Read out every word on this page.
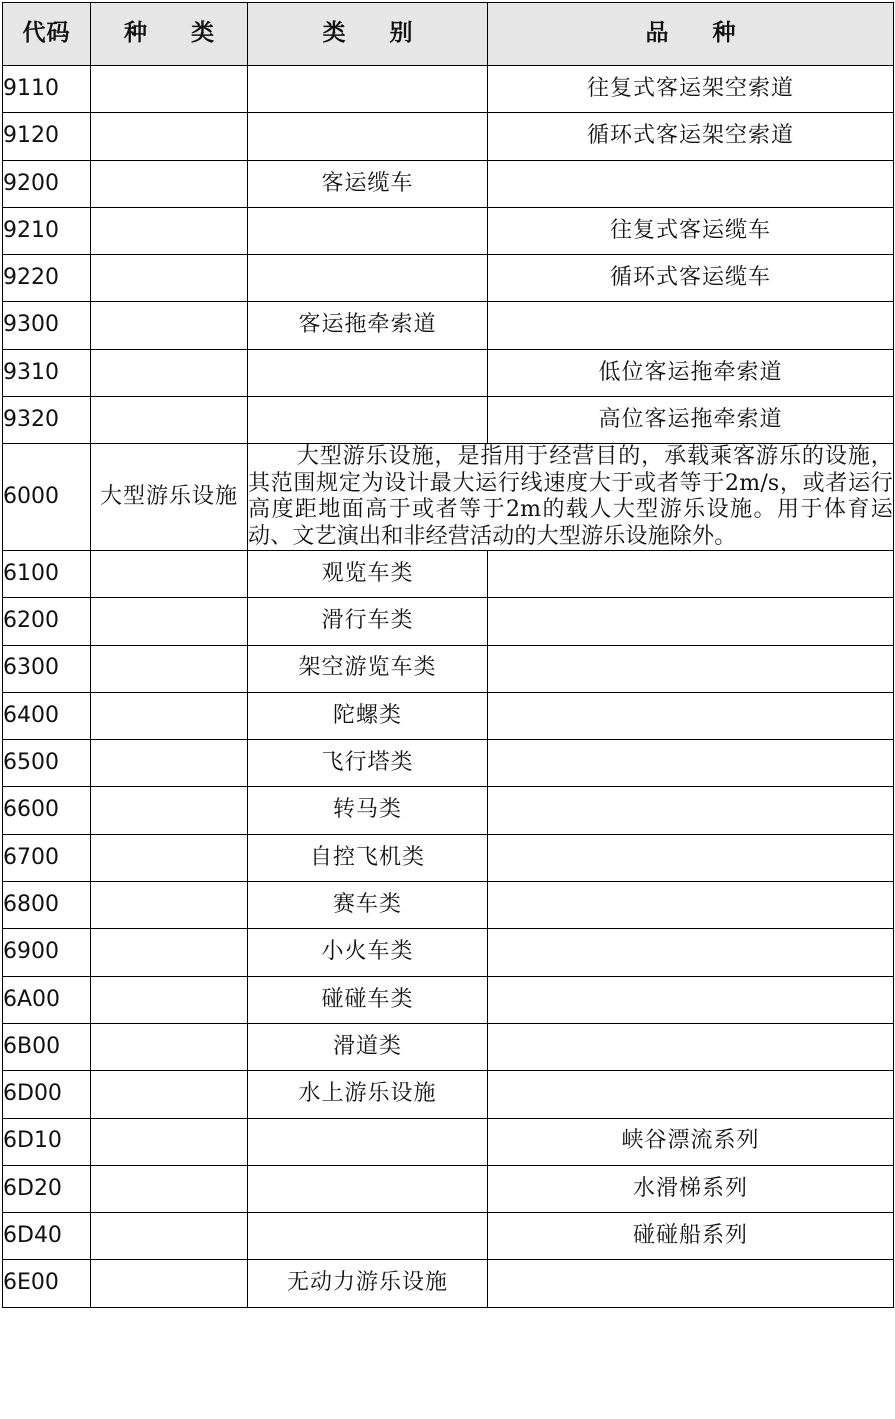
代码	种 类	类 别	品 种
9110			往复式客运架空索道
9120			循环式客运架空索道
9200		客运缆车	
9210			往复式客运缆车
9220			循环式客运缆车
9300		客运拖牵索道	
9310			低位客运拖牵索道
9320			高位客运拖牵索道
6000	大型游乐设施	大型游乐设施，是指用于经营目的，承载乘客游乐的设施，其范围规定为设计最大运行线速度大于或者等于2m/s，或者运行高度距地面高于或者等于2m的载人大型游乐设施。用于体育运动、文艺演出和非经营活动的大型游乐设施除外。	
6100		观览车类	
6200		滑行车类	
6300		架空游览车类	
6400		陀螺类	
6500		飞行塔类	
6600		转马类	
6700		自控飞机类	
6800		赛车类	
6900		小火车类	
6A00		碰碰车类	
6B00		滑道类	
6D00		水上游乐设施	
6D10			峡谷漂流系列
6D20			水滑梯系列
6D40			碰碰船系列
6E00		无动力游乐设施	
